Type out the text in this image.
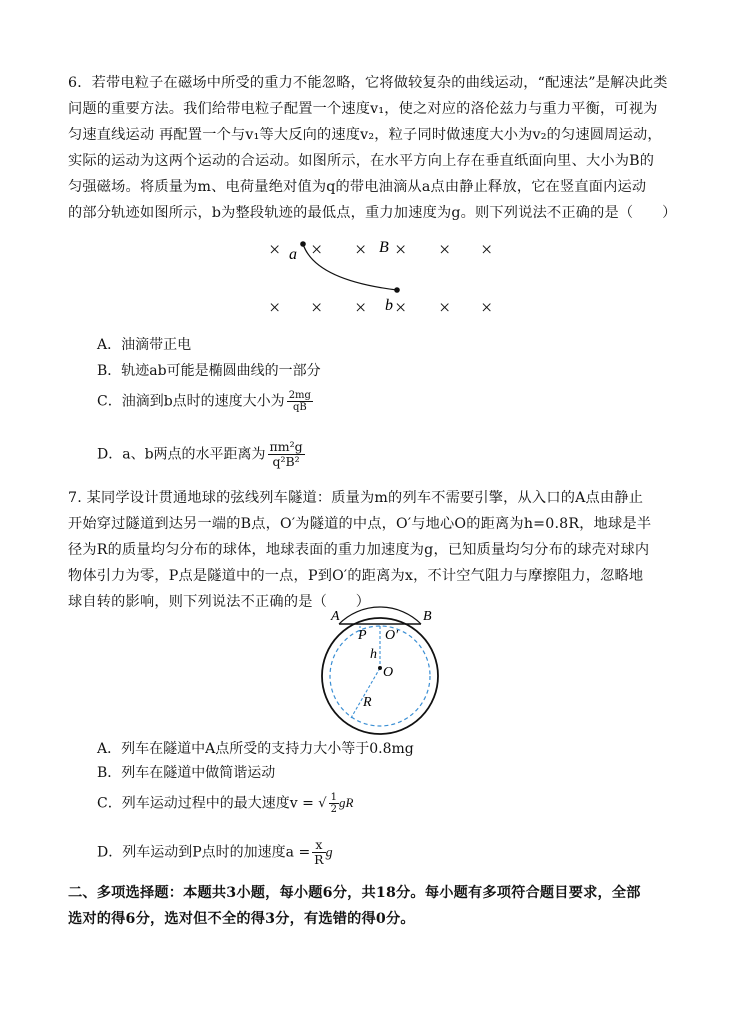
6．若带电粒子在磁场中所受的重力不能忽略，它将做较复杂的曲线运动，“配速法”是解决此类
问题的重要方法。我们给带电粒子配置一个速度v₁，使之对应的洛伦兹力与重力平衡，可视为
匀速直线运动 再配置一个与v₁等大反向的速度v₂，粒子同时做速度大小为v₂的匀速圆周运动，
实际的运动为这两个运动的合运动。如图所示，在水平方向上存在垂直纸面向里、大小为B的
匀强磁场。将质量为m、电荷量绝对值为q的带电油滴从a点由静止释放，它在竖直面内运动
的部分轨迹如图所示，b为整段轨迹的最低点，重力加速度为g。则下列说法不正确的是（　　）
× × × × × ×
× × × × × ×
a	B
b
A．油滴带正电
B．轨迹ab可能是椭圆曲线的一部分
C．油滴到b点时的速度大小为 $\frac{2mg}{qB}$
D．a、b两点的水平距离为 $\frac{\text{πm²g}}{\text{q²B²}}$
7. 某同学设计贯通地球的弦线列车隧道：质量为m的列车不需要引擎，从入口的A点由静止
开始穿过隧道到达另一端的B点，O′为隧道的中点，O′与地心O的距离为h=0.8R，地球是半
径为R的质量均匀分布的球体，地球表面的重力加速度为g，已知质量均匀分布的球壳对球内
物体引力为零，P点是隧道中的一点，P到O′的距离为x，不计空气阻力与摩擦阻力，忽略地
球自转的影响，则下列说法不正确的是（　　）
A	B
P O′
h
O
R
A．列车在隧道中A点所受的支持力大小等于0.8mg
B．列车在隧道中做简谐运动
C．列车运动过程中的最大速度v = √ $\frac{1}{2}$ gR
D．列车运动到P点时的加速度$a = \frac{x}{R}$ g
二、多项选择题：本题共3小题，每小题6分，共18分。每小题有多项符合题目要求，全部
选对的得6分，选对但不全的得3分，有选错的得0分。
